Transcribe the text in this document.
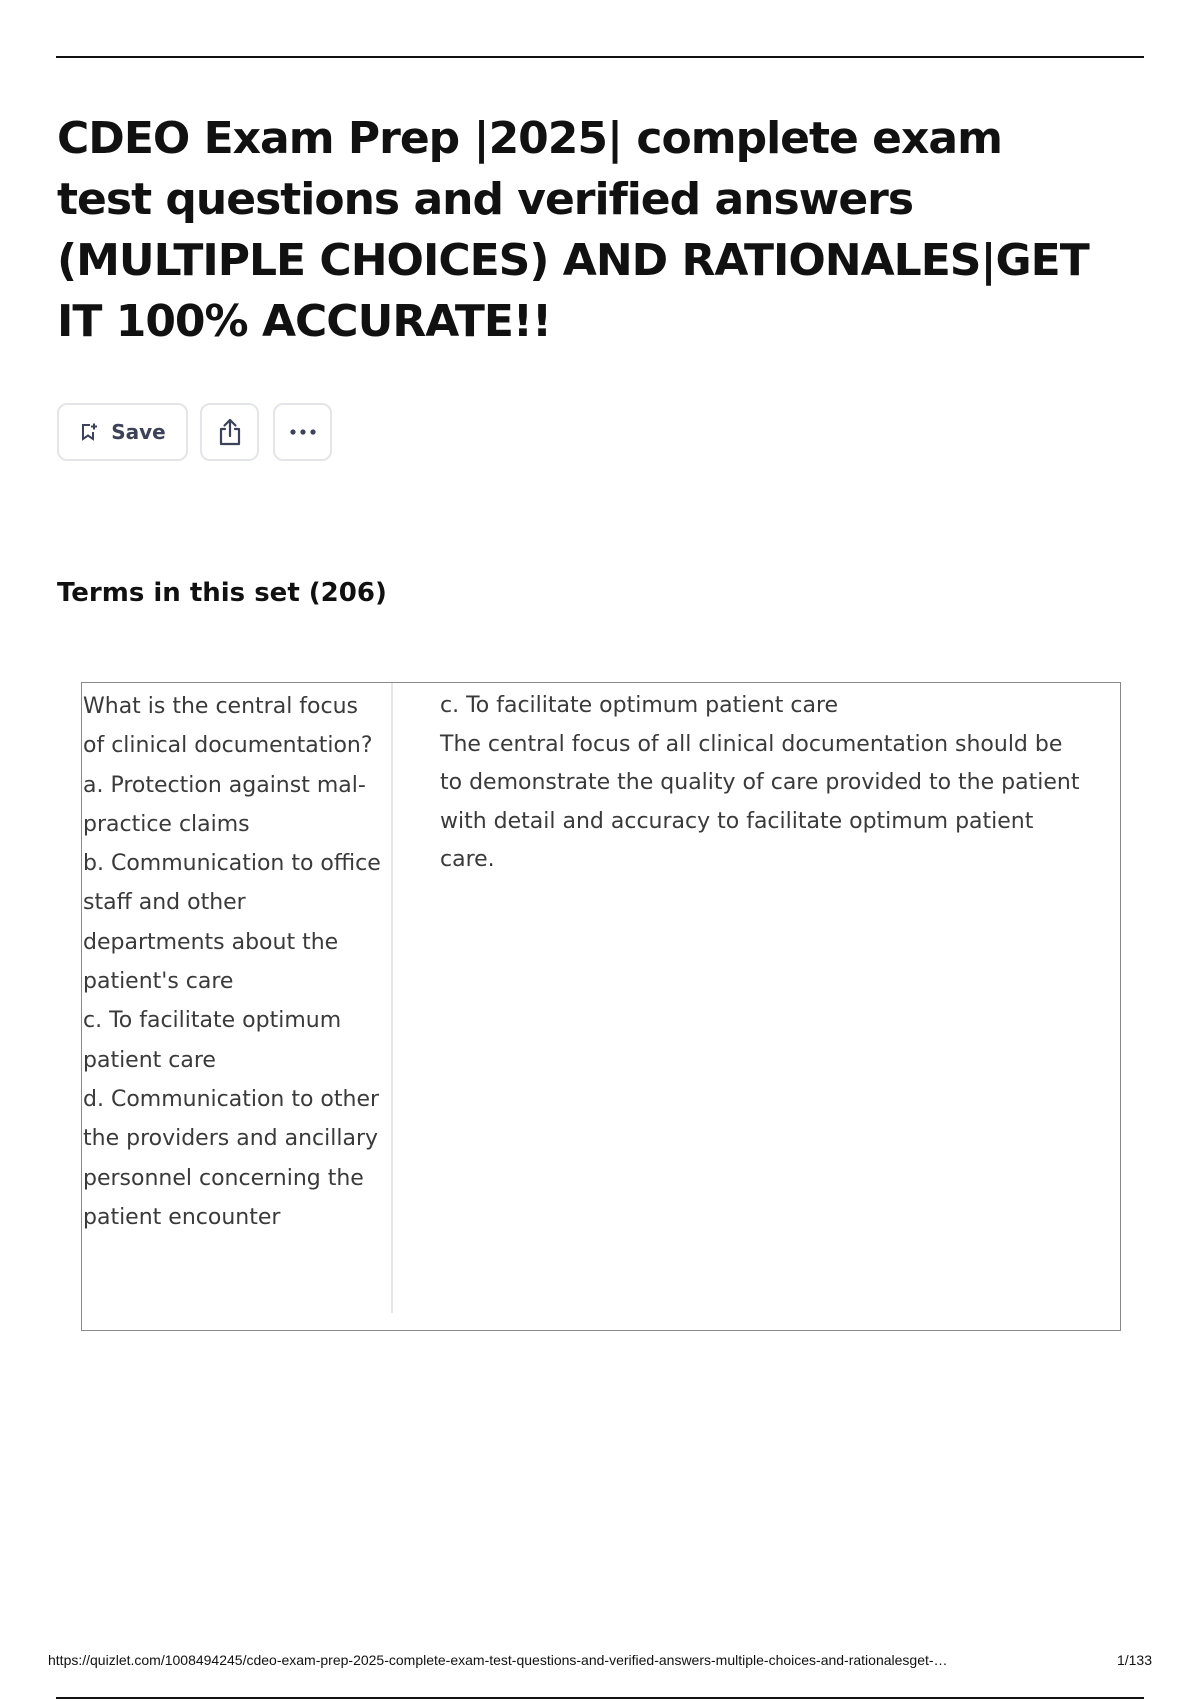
CDEO Exam Prep |2025| complete exam test questions and verified answers (MULTIPLE CHOICES) AND RATIONALES|GET IT 100% ACCURATE!!
Save
Terms in this set (206)
What is the central focus of clinical documentation?
a. Protection against mal-practice claims
b. Communication to office staff and other departments about the patient's care
c. To facilitate optimum patient care
d. Communication to other the providers and ancillary personnel concerning the patient encounter

c. To facilitate optimum patient care

The central focus of all clinical documentation should be to demonstrate the quality of care provided to the patient with detail and accuracy to facilitate optimum patient care.

https://quizlet.com/1008494245/cdeo-exam-prep-2025-complete-exam-test-questions-and-verified-answers-multiple-choices-and-rationalesget-…	1/133
